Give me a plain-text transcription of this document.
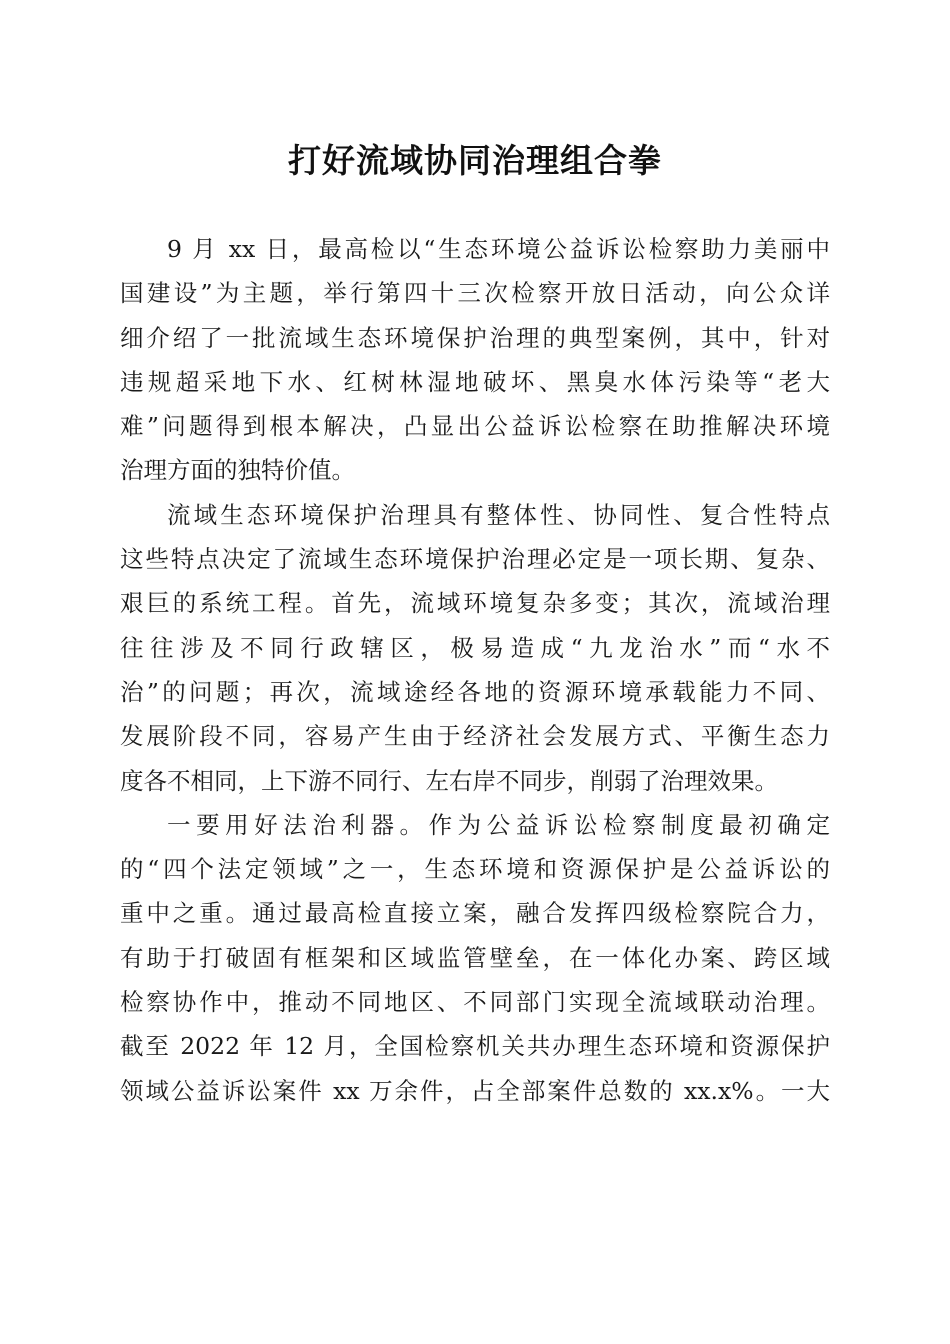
打好流域协同治理组合拳
9 月 xx 日，最高检以“生态环境公益诉讼检察助力美丽中
国建设”为主题，举行第四十三次检察开放日活动，向公众详
细介绍了一批流域生态环境保护治理的典型案例，其中，针对
违规超采地下水、红树林湿地破坏、黑臭水体污染等“老大
难”问题得到根本解决，凸显出公益诉讼检察在助推解决环境
治理方面的独特价值。
流域生态环境保护治理具有整体性、协同性、复合性特点
这些特点决定了流域生态环境保护治理必定是一项长期、复杂、
艰巨的系统工程。首先，流域环境复杂多变；其次，流域治理
往往涉及不同行政辖区，极易造成“九龙治水”而“水不
治”的问题；再次，流域途经各地的资源环境承载能力不同、
发展阶段不同，容易产生由于经济社会发展方式、平衡生态力
度各不相同，上下游不同行、左右岸不同步，削弱了治理效果。
一要用好法治利器。作为公益诉讼检察制度最初确定
的“四个法定领域”之一，生态环境和资源保护是公益诉讼的
重中之重。通过最高检直接立案，融合发挥四级检察院合力，
有助于打破固有框架和区域监管壁垒，在一体化办案、跨区域
检察协作中，推动不同地区、不同部门实现全流域联动治理。
截至 2022 年 12 月，全国检察机关共办理生态环境和资源保护
领域公益诉讼案件 xx 万余件，占全部案件总数的 xx.x%。一大
